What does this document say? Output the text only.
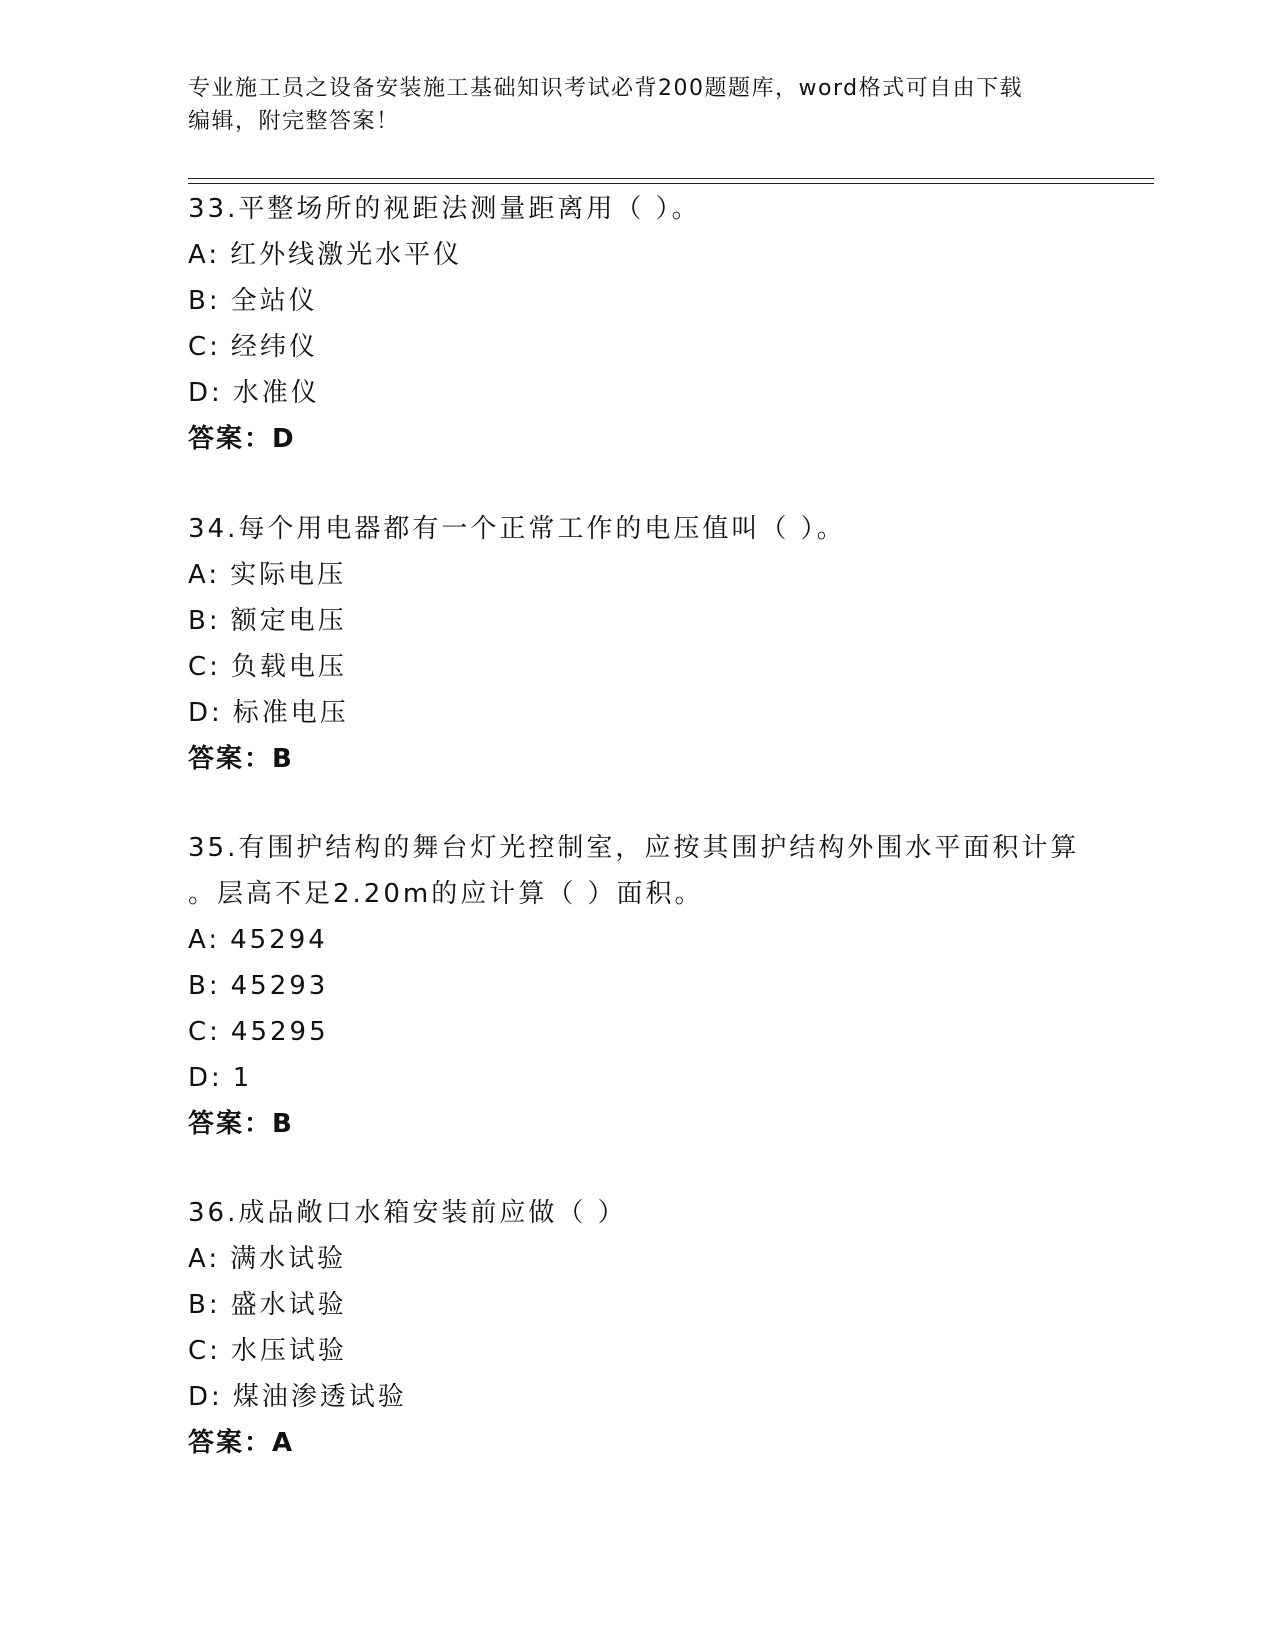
专业施工员之设备安装施工基础知识考试必背200题题库，word格式可自由下载
编辑，附完整答案！
33.平整场所的视距法测量距离用（ ）。
A: 红外线激光水平仪
B: 全站仪
C: 经纬仪
D: 水准仪
答案：D
34.每个用电器都有一个正常工作的电压值叫（ ）。
A: 实际电压
B: 额定电压
C: 负载电压
D: 标准电压
答案：B
35.有围护结构的舞台灯光控制室，应按其围护结构外围水平面积计算
。层高不足2.20m的应计算（ ）面积。
A: 45294
B: 45293
C: 45295
D: 1
答案：B
36.成品敞口水箱安装前应做（ ）
A: 满水试验
B: 盛水试验
C: 水压试验
D: 煤油渗透试验
答案：A
